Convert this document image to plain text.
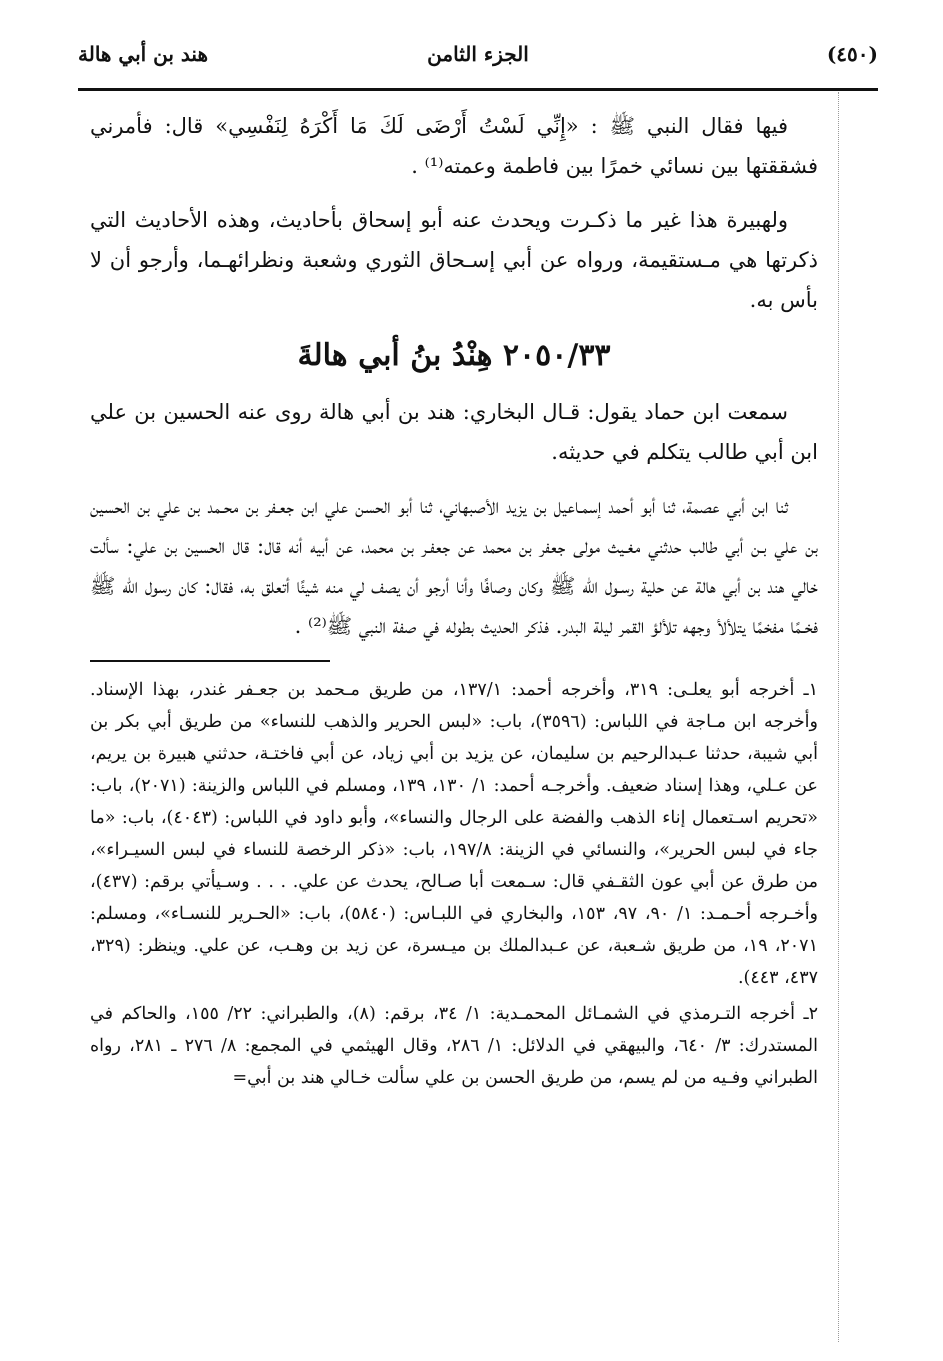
(٤٥٠)
الجزء الثامن
هند بن أبي هالة

فيها فقال النبي ﷺ : «إِنِّي لَسْتُ أَرْضَى لَكَ مَا أَكْرَهُ لِنَفْسِي» قال: فأمرني فشققتها بين نسائي خمرًا بين فاطمة وعمته⁽¹⁾ .

ولهبيرة هذا غير ما ذكـرت ويحدث عنه أبو إسحاق بأحاديث، وهذه الأحاديث التي ذكرتها هي مـستقيمة، ورواه عن أبي إسـحاق الثوري وشعبة ونظرائهـما، وأرجو أن لا بأس به.

٢٠٥٠/٣٣ هِنْدُ بنُ أبي هالةَ

سمعت ابن حماد يقول: قـال البخاري: هند بن أبي هالة روى عنه الحسين بن علي ابن أبي طالب يتكلم في حديثه.

ثنا ابن أبي عصمة، ثنا أبو أحمد إسمـاعيل بن يزيد الأصبهاني، ثنا أبو الحسن علي ابن جعـفر بن محـمد بن علي بن الحسين بن علي بـن أبي طالب حدثني مغـيث مولى جعفر بن محمد عن جعفـر بن محمد، عن أبيه أنه قال: قال الحسين بن علي: سألت خالي هند بن أبي هالة عن حلية رسـول الله ﷺ وكان وصافًا وأنا أرجو أن يصف لي منه شيئًا أتعلق به، فقال: كان رسول الله ﷺ فخـمًا مفخمًا يتلألأ وجهه تلألؤ القمر ليلة البدر. فذكر الحديث بطوله في صفة النبي ﷺ⁽²⁾ .

١ـ أخرجه أبو يعلـى: ٣١٩، وأخرجه أحمد: ١٣٧/١، من طريق مـحمد بن جعـفر غندر، بهذا الإسناد. وأخرجه ابن مـاجة في اللباس: (٣٥٩٦)، باب: «لبس الحرير والذهب للنساء» من طريق أبي بكر بن أبي شيبة، حدثنا عـبدالرحيم بن سليمان، عن يزيد بن أبي زياد، عن أبي فاختـة، حدثني هبيرة بن يريم، عن عـلي، وهذا إسناد ضعيف. وأخرجـه أحمد: ١/ ١٣٠، ١٣٩، ومسلم في اللباس والزينة: (٢٠٧١)، باب: «تحريم اسـتعمال إناء الذهب والفضة على الرجال والنساء»، وأبو داود في اللباس: (٤٠٤٣)، باب: «ما جاء في لبس الحرير»، والنسائي في الزينة: ١٩٧/٨، باب: «ذكر الرخصة للنساء في لبس السيـراء»، من طرق عن أبي عون الثقـفي قال: سـمعت أبا صـالح، يحدث عن علي. . . . وسـيأتي برقم: (٤٣٧)، وأخـرجه أحـمـد: ١/ ٩٠، ٩٧، ١٥٣، والبخاري في اللبـاس: (٥٨٤٠)، باب: «الحـرير للنسـاء»، ومسلم: ٢٠٧١، ١٩، من طريق شـعبة، عن عـبدالملك بن ميـسرة، عن زيد بن وهـب، عن علي. وينظر: (٣٢٩، ٤٣٧، ٤٤٣).

٢ـ أخرجه التـرمذي في الشمـائل المحمـدية: ١/ ٣٤، برقم: (٨)، والطبراني: ٢٢/ ١٥٥، والحاكم في المستدرك: ٣/ ٦٤٠، والبيهقي في الدلائل: ١/ ٢٨٦، وقال الهيثمي في المجمع: ٨/ ٢٧٦ ـ ٢٨١، رواه الطبراني وفـيه من لم يسم، من طريق الحسن بن علي سألت خـالي هند بن أبي=
